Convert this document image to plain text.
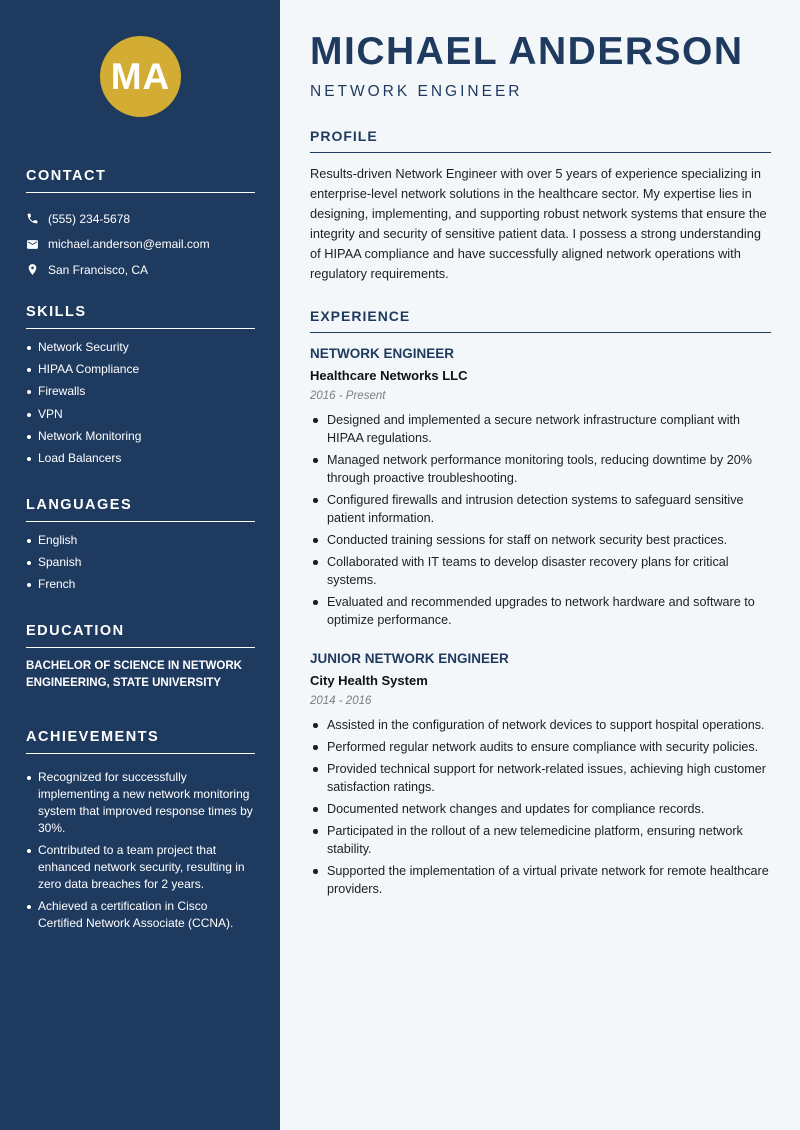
MA
CONTACT
(555) 234-5678
michael.anderson@email.com
San Francisco, CA
SKILLS
Network Security
HIPAA Compliance
Firewalls
VPN
Network Monitoring
Load Balancers
LANGUAGES
English
Spanish
French
EDUCATION
BACHELOR OF SCIENCE IN NETWORK ENGINEERING, STATE UNIVERSITY
ACHIEVEMENTS
Recognized for successfully implementing a new network monitoring system that improved response times by 30%.
Contributed to a team project that enhanced network security, resulting in zero data breaches for 2 years.
Achieved a certification in Cisco Certified Network Associate (CCNA).
MICHAEL ANDERSON
NETWORK ENGINEER
PROFILE

Results-driven Network Engineer with over 5 years of experience specializing in enterprise-level network solutions in the healthcare sector. My expertise lies in designing, implementing, and supporting robust network systems that ensure the integrity and security of sensitive patient data. I possess a strong understanding of HIPAA compliance and have successfully aligned network operations with regulatory requirements.

EXPERIENCE
NETWORK ENGINEER
Healthcare Networks LLC
2016 - Present
Designed and implemented a secure network infrastructure compliant with HIPAA regulations.
Managed network performance monitoring tools, reducing downtime by 20% through proactive troubleshooting.
Configured firewalls and intrusion detection systems to safeguard sensitive patient information.
Conducted training sessions for staff on network security best practices.
Collaborated with IT teams to develop disaster recovery plans for critical systems.
Evaluated and recommended upgrades to network hardware and software to optimize performance.
JUNIOR NETWORK ENGINEER
City Health System
2014 - 2016
Assisted in the configuration of network devices to support hospital operations.
Performed regular network audits to ensure compliance with security policies.
Provided technical support for network-related issues, achieving high customer satisfaction ratings.
Documented network changes and updates for compliance records.
Participated in the rollout of a new telemedicine platform, ensuring network stability.
Supported the implementation of a virtual private network for remote healthcare providers.
